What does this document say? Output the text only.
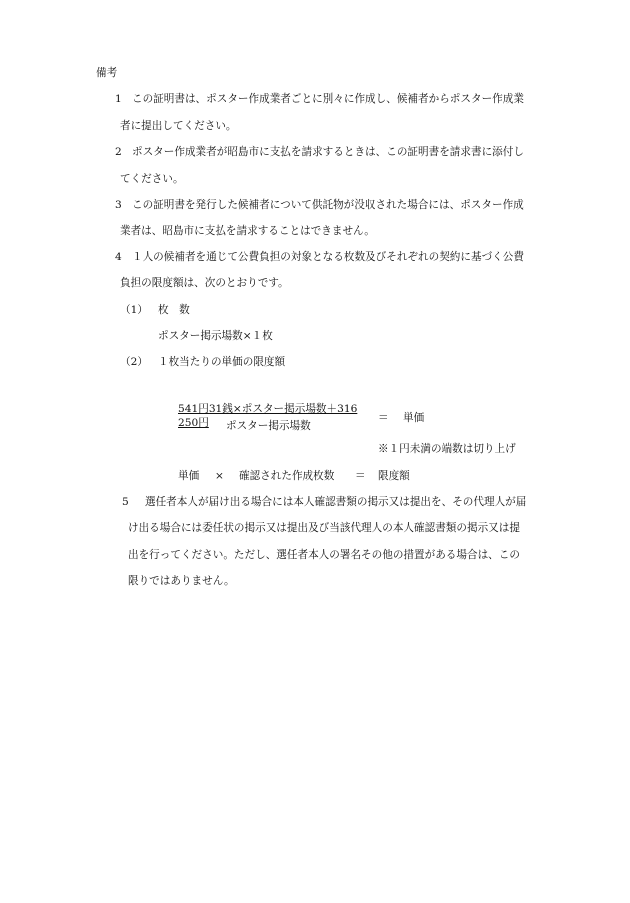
備考
1 この証明書は、ポスター作成業者ごとに別々に作成し、候補者からポスター作成業
者に提出してください。
2 ポスター作成業者が昭島市に支払を請求するときは、この証明書を請求書に添付し
てください。
3 この証明書を発行した候補者について供託物が没収された場合には、ポスター作成
業者は、昭島市に支払を請求することはできません。
4 １人の候補者を通じて公費負担の対象となる枚数及びそれぞれの契約に基づく公費
負担の限度額は、次のとおりです。
（1） 枚　数
ポスター掲示場数×１枚
（2） １枚当たりの単価の限度額
541円31銭×ポスター掲示場数＋316
250円 ポスター掲示場数
＝ 単価
※１円未満の端数は切り上げ
単価 × 確認された作成枚数 ＝ 限度額
5 選任者本人が届け出る場合には本人確認書類の掲示又は提出を、その代理人が届
け出る場合には委任状の掲示又は提出及び当該代理人の本人確認書類の掲示又は提
出を行ってください。ただし、選任者本人の署名その他の措置がある場合は、この
限りではありません。
